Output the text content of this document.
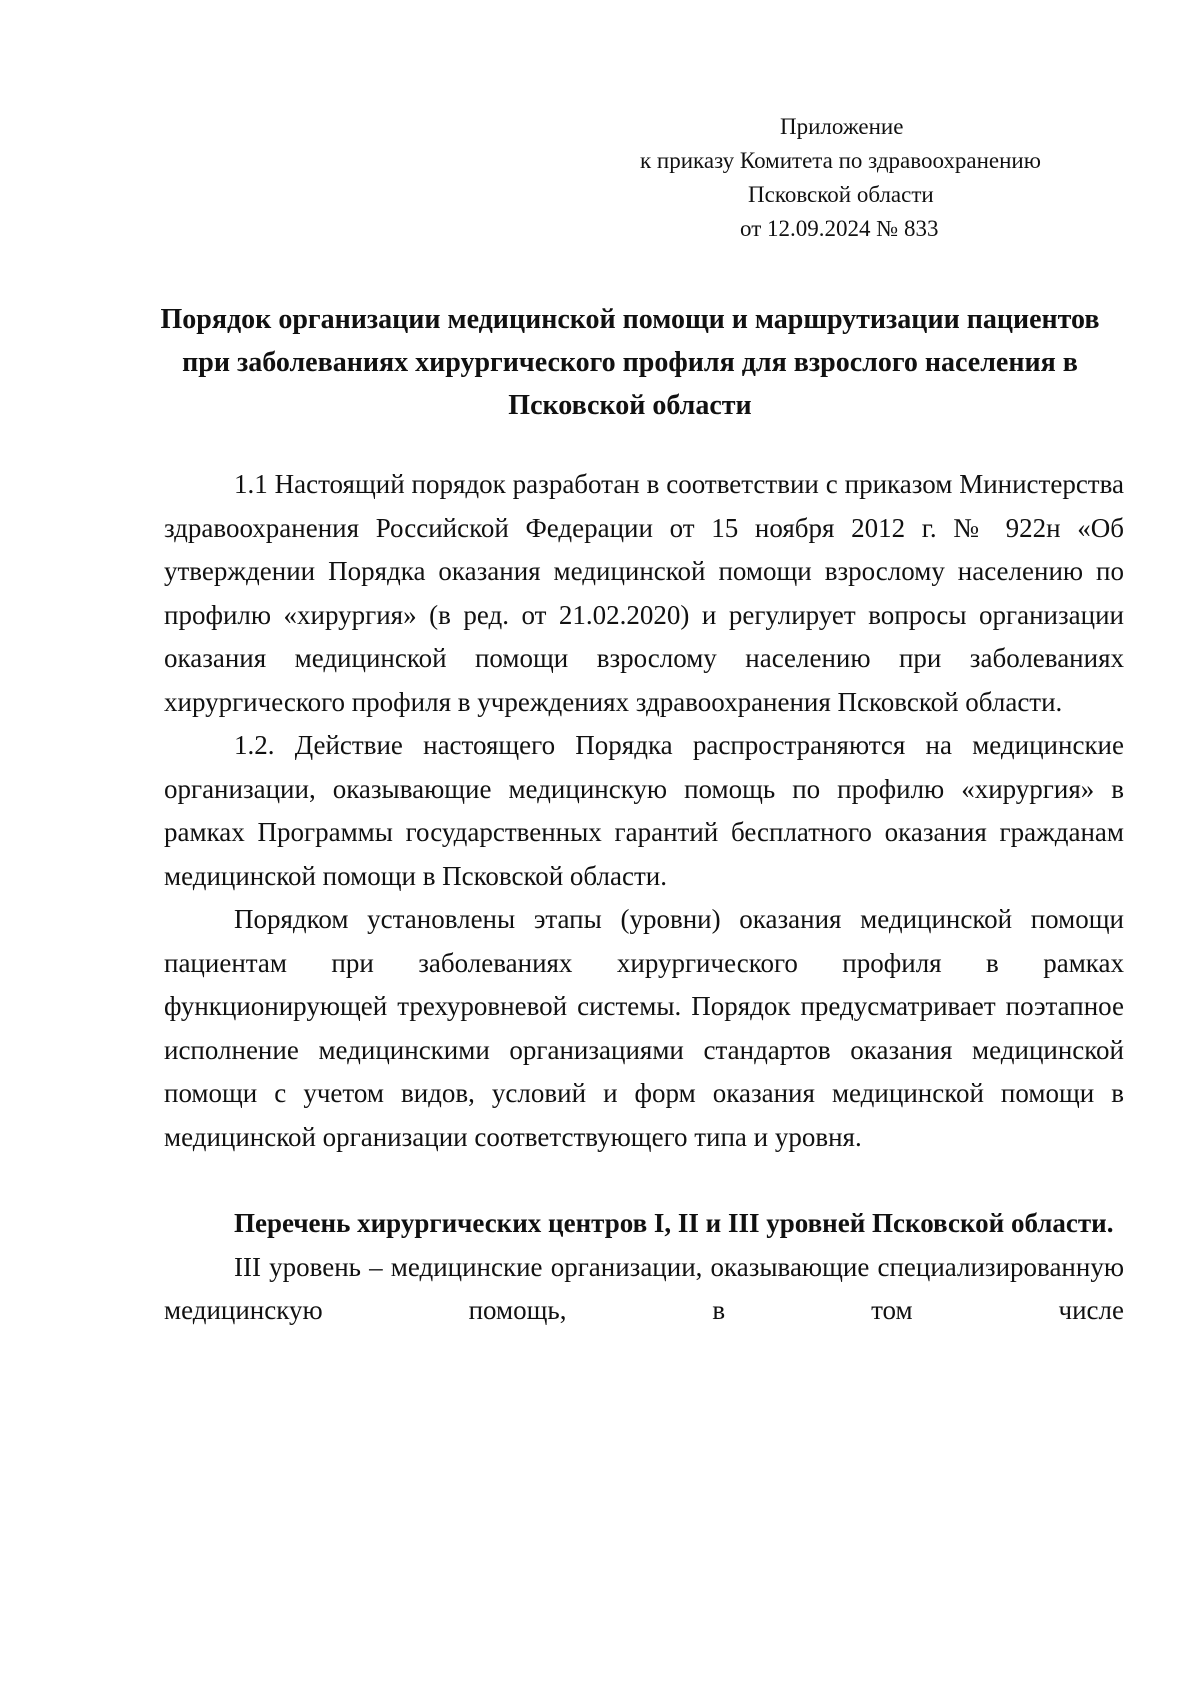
Приложение
к приказу Комитета по здравоохранению
Псковской области
от 12.09.2024 № 833
Порядок организации медицинской помощи и маршрутизации пациентов при заболеваниях хирургического профиля для взрослого населения в Псковской области

1.1 Настоящий порядок разработан в соответствии с приказом Министерства здравоохранения Российской Федерации от 15 ноября 2012 г. № 922н «Об утверждении Порядка оказания медицинской помощи взрослому населению по профилю «хирургия» (в ред. от 21.02.2020) и регулирует вопросы организации оказания медицинской помощи взрослому населению при заболеваниях хирургического профиля в учреждениях здравоохранения Псковской области.

1.2. Действие настоящего Порядка распространяются на медицинские организации, оказывающие медицинскую помощь по профилю «хирургия» в рамках Программы государственных гарантий бесплатного оказания гражданам медицинской помощи в Псковской области.

Порядком установлены этапы (уровни) оказания медицинской помощи пациентам при заболеваниях хирургического профиля в рамках функционирующей трехуровневой системы. Порядок предусматривает поэтапное исполнение медицинскими организациями стандартов оказания медицинской помощи с учетом видов, условий и форм оказания медицинской помощи в медицинской организации соответствующего типа и уровня.

Перечень хирургических центров I, II и III уровней Псковской области.

III уровень – медицинские организации, оказывающие специализированную медицинскую помощь, в том числе
